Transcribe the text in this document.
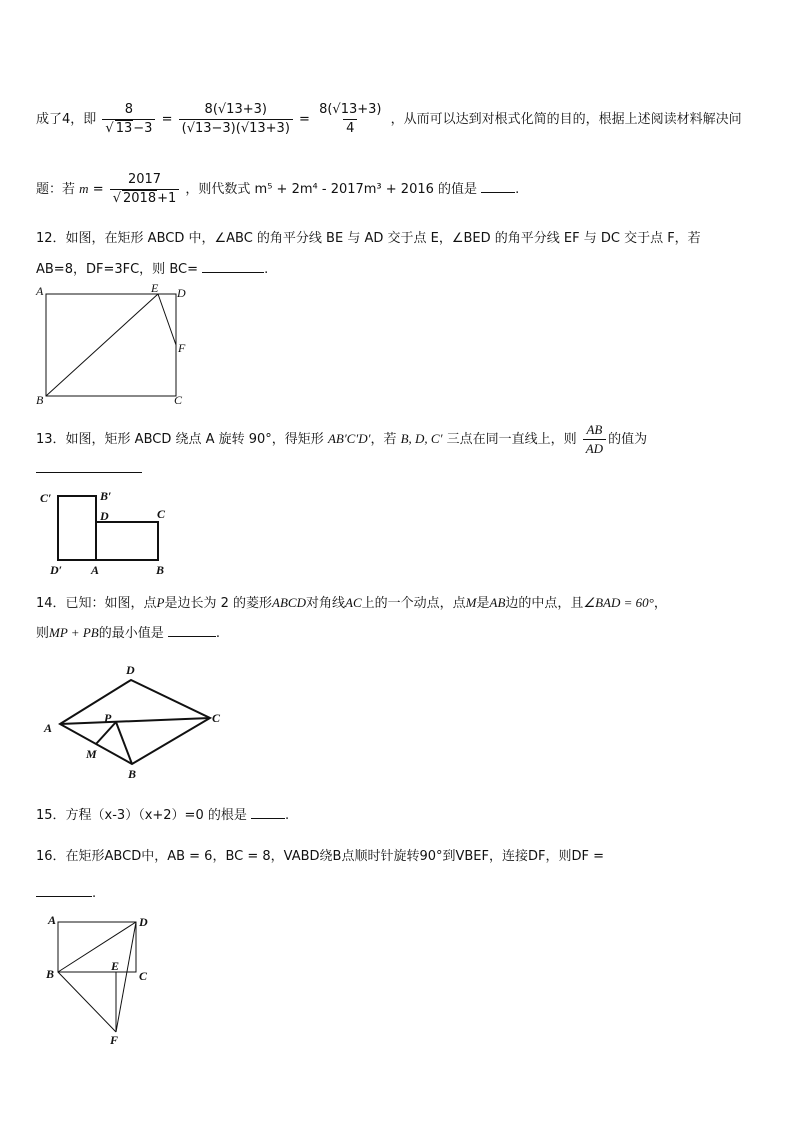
成了4，即 $\frac{8}{√ 13-3} = \frac{8(√13+3)}{(√13-3)(√13+3)} = \frac{8(√13+3)}{4}$ ，从而可以达到对根式化简的目的，根据上述阅读材料解决问
题：若 $m = \frac{2017}{√ 2018+1}$ ，则代数式 m⁵ + 2m⁴ - 2017m³ + 2016 的值是	.
12．如图，在矩形 ABCD 中，∠ABC 的角平分线 BE 与 AD 交于点 E，∠BED 的角平分线 EF 与 DC 交于点 F，若
AB=8，DF=3FC，则 BC=	.
A
B	C
D
E
F
13．如图，矩形 ABCD 绕点 A 旋转 90°，得矩形 AB′C′D′，若 B, D, C′ 三点在同一直线上，则 $\frac{AB}{AD}$ 的值为
C′	B′
D	C
D′ A	B
14．已知：如图，点P是边长为 2 的菱形ABCD对角线AC上的一个动点，点M是AB边的中点，且∠BAD = 60°，
则MP + PB的最小值是	.
D
A
P	C
M
B
15．方程（x-3）（x+2）=0 的根是	.
16．在矩形ABCD中，AB = 6，BC = 8，VABD绕B点顺时针旋转90°到VBEF，连接DF，则DF =
.
A	D
B
E
C
F
